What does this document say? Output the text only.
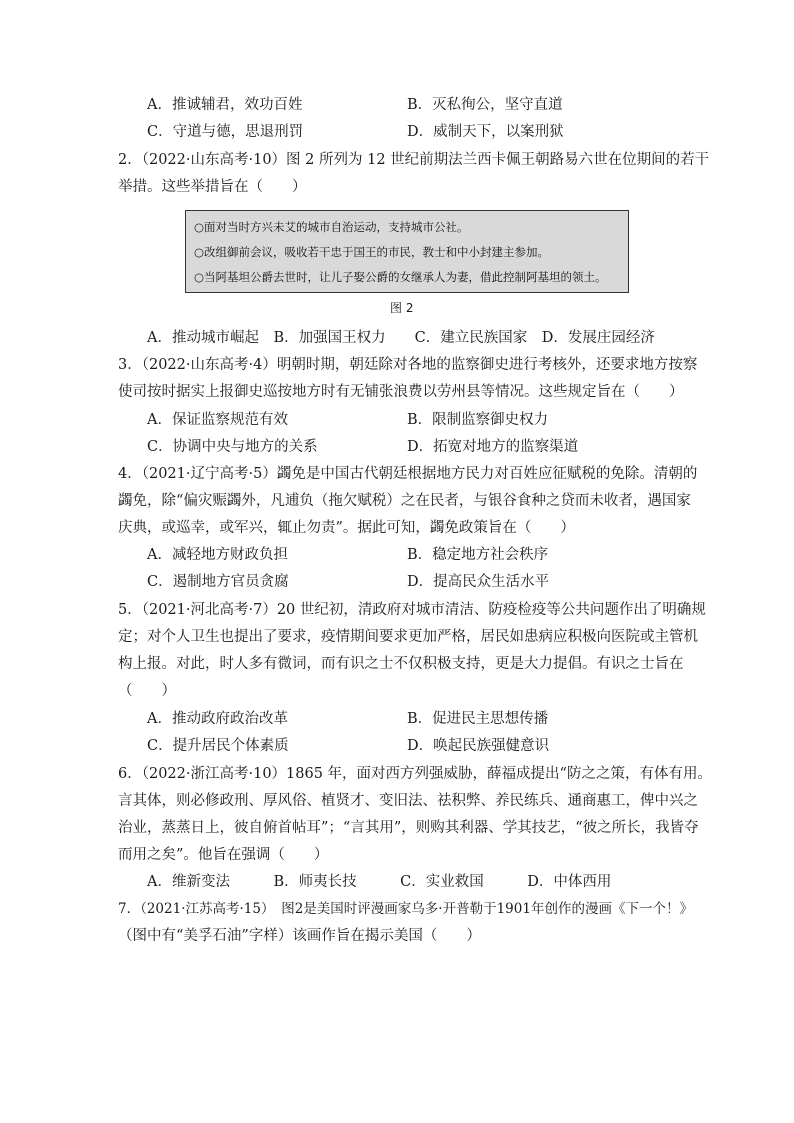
A．推诚辅君，效功百姓	B．灭私徇公，坚守直道
C．守道与德，思退刑罚	D．威制天下，以案刑狱
2．（2022·山东高考·10）图 2 所列为 12 世纪前期法兰西卡佩王朝路易六世在位期间的若干
举措。这些举措旨在（　　）
○面对当时方兴未艾的城市自治运动，支持城市公社。
○改组御前会议，吸收若干忠于国王的市民，教士和中小封建主参加。
○当阿基坦公爵去世时，让儿子娶公爵的女继承人为妻，借此控制阿基坦的领土。
图 2
A．推动城市崛起　B．加强国王权力　　C．建立民族国家　D．发展庄园经济
3．（2022·山东高考·4）明朝时期，朝廷除对各地的监察御史进行考核外，还要求地方按察
使司按时据实上报御史巡按地方时有无铺张浪费以劳州县等情况。这些规定旨在（　　）
A．保证监察规范有效	B．限制监察御史权力
C．协调中央与地方的关系	D．拓宽对地方的监察渠道
4．（2021·辽宁高考·5）蠲免是中国古代朝廷根据地方民力对百姓应征赋税的免除。清朝的
蠲免，除“偏灾赈蠲外，凡逋负（拖欠赋税）之在民者，与银谷食种之贷而未收者，遇国家
庆典，或巡幸，或军兴，辄止勿责”。据此可知，蠲免政策旨在（　　）
A．减轻地方财政负担	B．稳定地方社会秩序
C．遏制地方官员贪腐	D．提高民众生活水平
5．（2021·河北高考·7）20 世纪初，清政府对城市清洁、防疫检疫等公共问题作出了明确规
定；对个人卫生也提出了要求，疫情期间要求更加严格，居民如患病应积极向医院或主管机
构上报。对此，时人多有微词，而有识之士不仅积极支持，更是大力提倡。有识之士旨在
（　　）
A．推动政府政治改革	B．促进民主思想传播
C．提升居民个体素质	D．唤起民族强健意识
6．（2022·浙江高考·10）1865 年，面对西方列强威胁，薛福成提出“防之之策，有体有用。
言其体，则必修政刑、厚风俗、植贤才、变旧法、祛积弊、养民练兵、通商惠工，俾中兴之
治业，蒸蒸日上，彼自俯首帖耳”；“言其用”，则购其利器、学其技艺，“彼之所长，我皆夺
而用之矣”。他旨在强调（　　）
A．维新变法　　　B．师夷长技　　　C．实业救国　　　D．中体西用
7．（2021·江苏高考·15）　图2是美国时评漫画家乌多·开普勒于1901年创作的漫画《下一个！》
（图中有“美孚石油”字样）该画作旨在揭示美国（　　）
